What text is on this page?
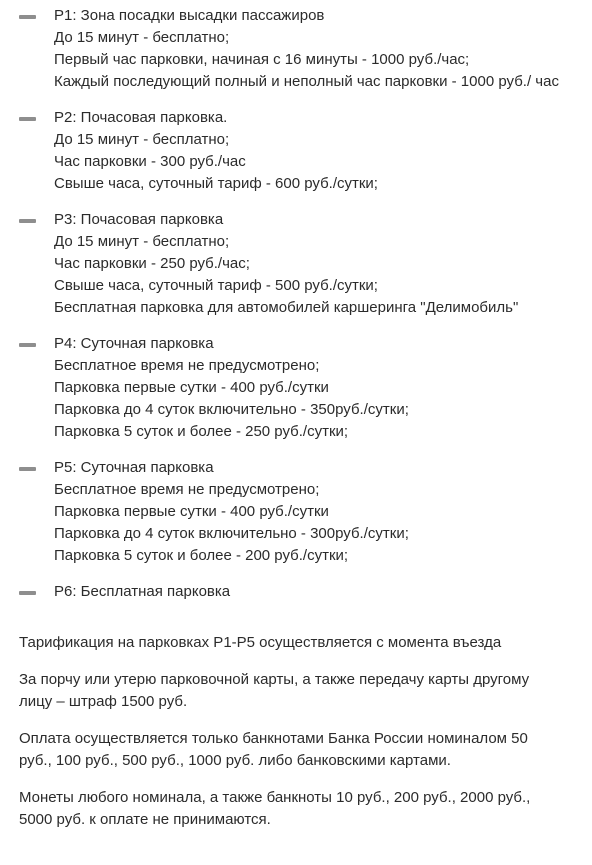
P1: Зона посадки высадки пассажиров
До 15 минут - бесплатно;
Первый час парковки, начиная с 16 минуты - 1000 руб./час;
Каждый последующий полный и неполный час парковки - 1000 руб./ час
P2: Почасовая парковка.
До 15 минут - бесплатно;
Час парковки - 300 руб./час
Свыше часа, суточный тариф - 600 руб./сутки;
P3: Почасовая парковка
До 15 минут - бесплатно;
Час парковки - 250 руб./час;
Свыше часа, суточный тариф - 500 руб./сутки;
Бесплатная парковка для автомобилей каршеринга "Делимобиль"
P4: Суточная парковка
Бесплатное время не предусмотрено;
Парковка первые сутки - 400 руб./сутки
Парковка до 4 суток включительно - 350руб./сутки;
Парковка 5 суток и более - 250 руб./сутки;
P5: Суточная парковка
Бесплатное время не предусмотрено;
Парковка первые сутки - 400 руб./сутки
Парковка до 4 суток включительно - 300руб./сутки;
Парковка 5 суток и более - 200 руб./сутки;
P6: Бесплатная парковка

Тарификация на парковках P1-P5 осуществляется с момента въезда

За порчу или утерю парковочной карты, а также передачу карты другому лицу – штраф 1500 руб.

Оплата осуществляется только банкнотами Банка России номиналом 50 руб., 100 руб., 500 руб., 1000 руб. либо банковскими картами.

Монеты любого номинала, а также банкноты 10 руб., 200 руб., 2000 руб., 5000 руб. к оплате не принимаются.
